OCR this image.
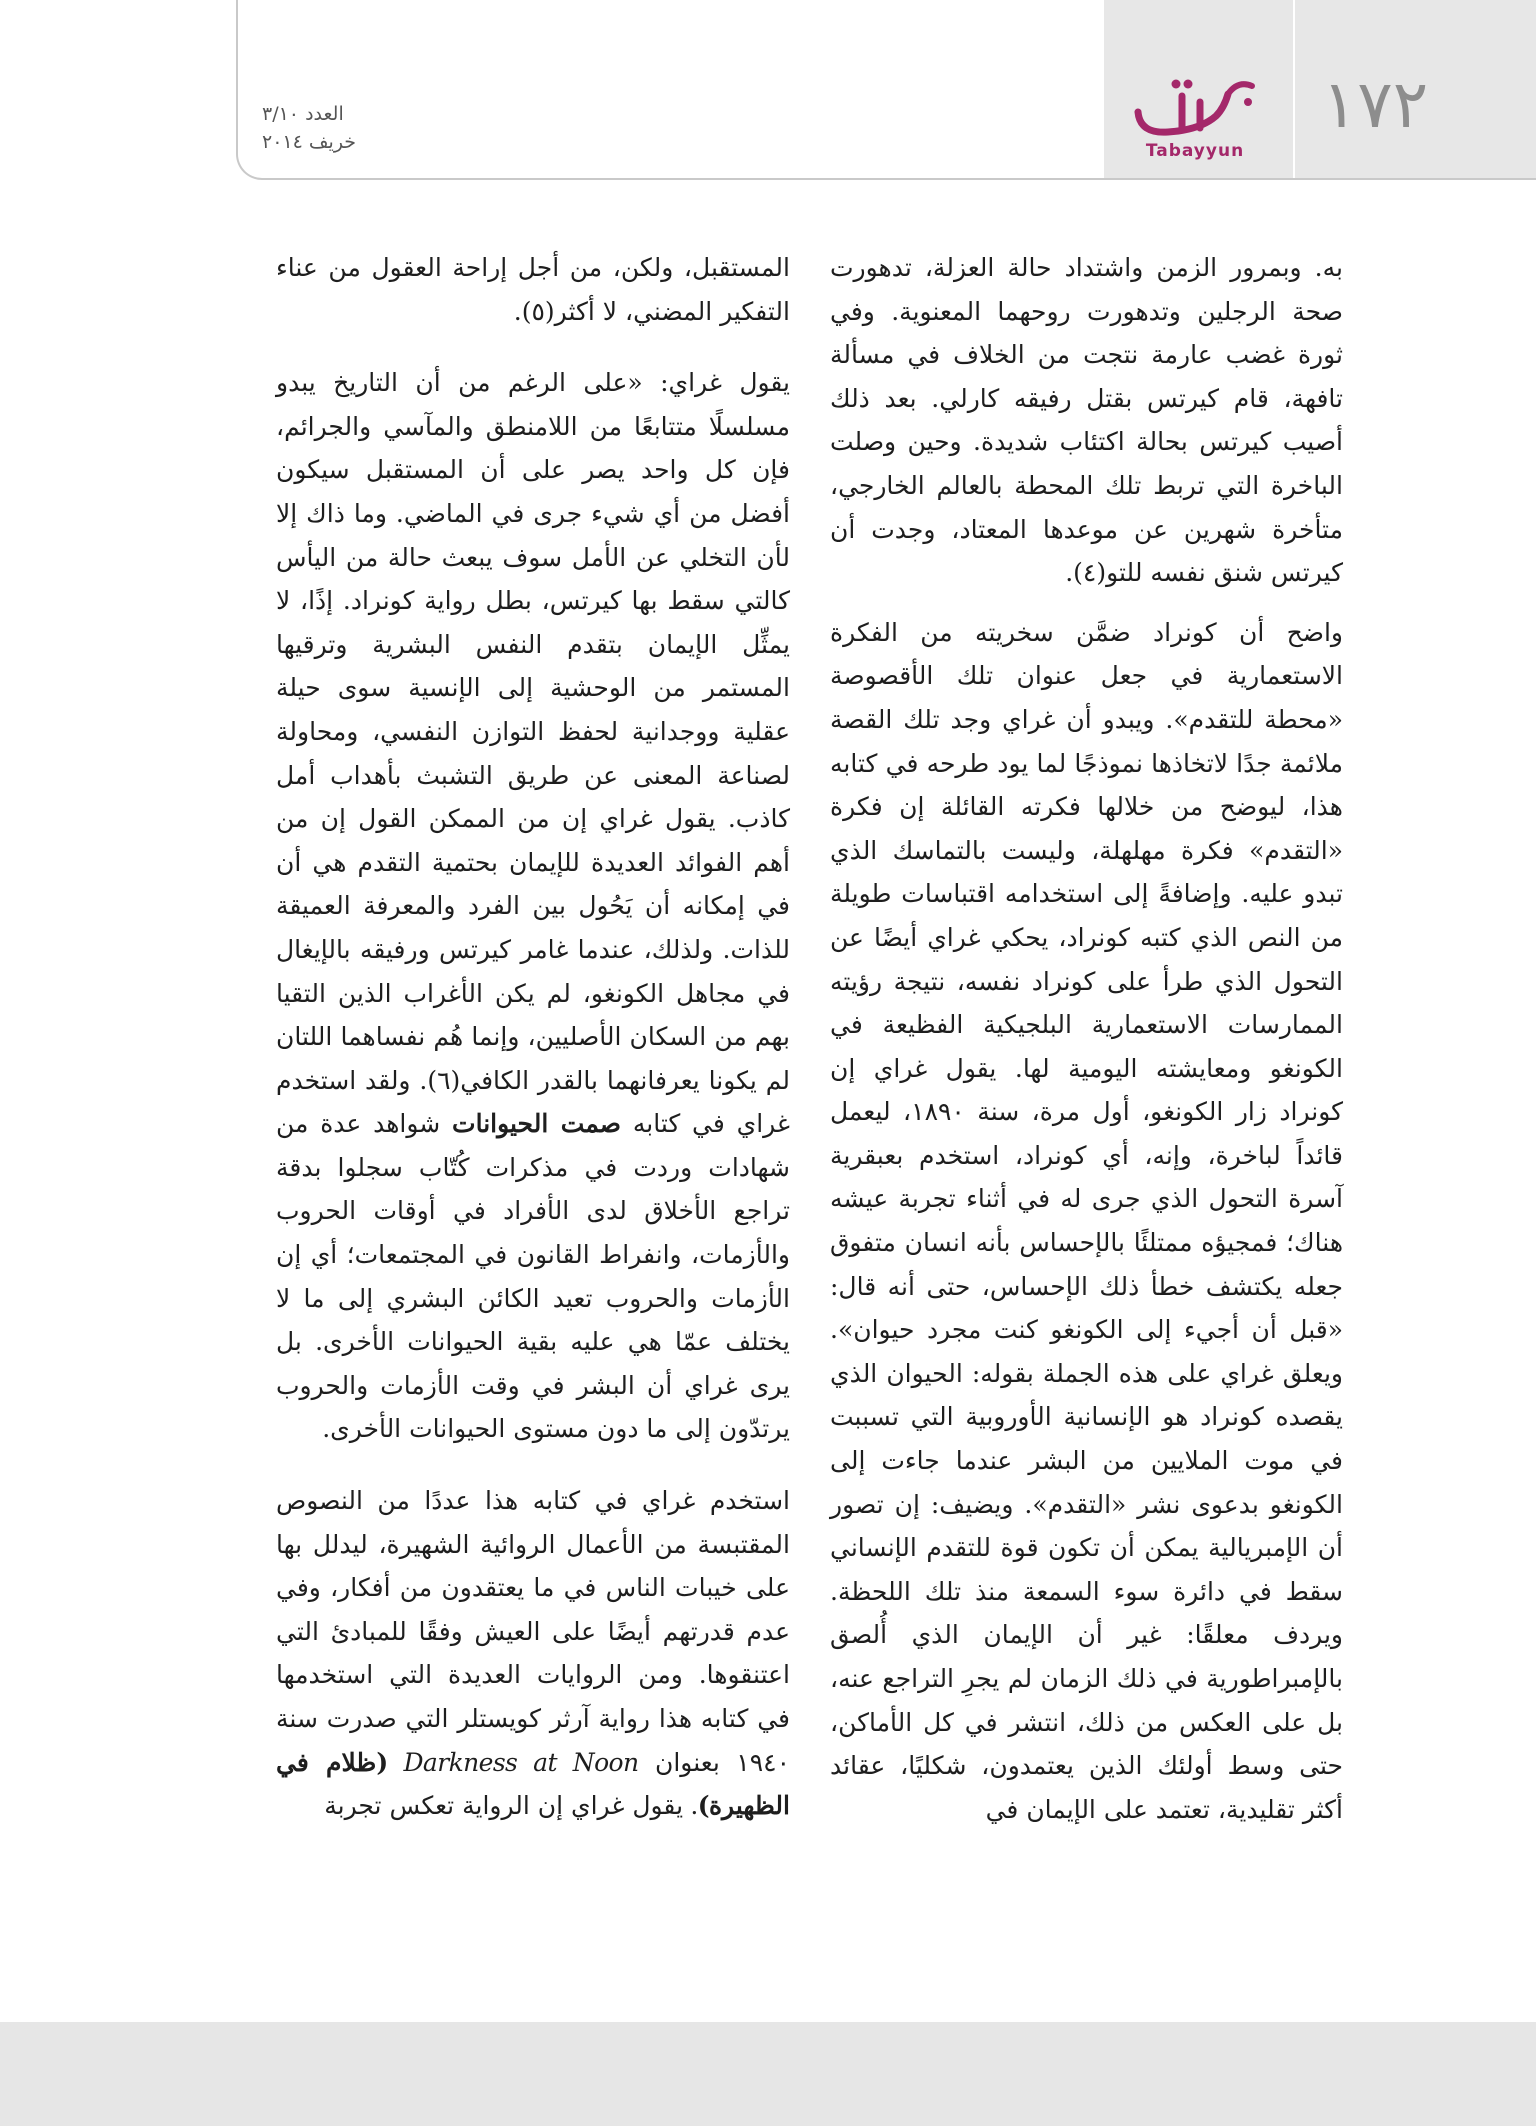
١٧٢
Tabayyun
العدد ٣/١٠
خريف ٢٠١٤

به. وبمرور الزمن واشتداد حالة العزلة، تدهورت صحة الرجلين وتدهورت روحهما المعنوية. وفي ثورة غضب عارمة نتجت من الخلاف في مسألة تافهة، قام كيرتس بقتل رفيقه كارلي. بعد ذلك أصيب كيرتس بحالة اكتئاب شديدة. وحين وصلت الباخرة التي تربط تلك المحطة بالعالم الخارجي، متأخرة شهرين عن موعدها المعتاد، وجدت أن كيرتس شنق نفسه للتو(٤).

واضح أن كونراد ضمَّن سخريته من الفكرة الاستعمارية في جعل عنوان تلك الأقصوصة «محطة للتقدم». ويبدو أن غراي وجد تلك القصة ملائمة جدًا لاتخاذها نموذجًا لما يود طرحه في كتابه هذا، ليوضح من خلالها فكرته القائلة إن فكرة «التقدم» فكرة مهلهلة، وليست بالتماسك الذي تبدو عليه. وإضافةً إلى استخدامه اقتباسات طويلة من النص الذي كتبه كونراد، يحكي غراي أيضًا عن التحول الذي طرأ على كونراد نفسه، نتيجة رؤيته الممارسات الاستعمارية البلجيكية الفظيعة في الكونغو ومعايشته اليومية لها. يقول غراي إن كونراد زار الكونغو، أول مرة، سنة ١٨٩٠، ليعمل قائداً لباخرة، وإنه، أي كونراد، استخدم بعبقرية آسرة التحول الذي جرى له في أثناء تجربة عيشه هناك؛ فمجيؤه ممتلئًا بالإحساس بأنه انسان متفوق جعله يكتشف خطأ ذلك الإحساس، حتى أنه قال: «قبل أن أجيء إلى الكونغو كنت مجرد حيوان». ويعلق غراي على هذه الجملة بقوله: الحيوان الذي يقصده كونراد هو الإنسانية الأوروبية التي تسببت في موت الملايين من البشر عندما جاءت إلى الكونغو بدعوى نشر «التقدم». ويضيف: إن تصور أن الإمبريالية يمكن أن تكون قوة للتقدم الإنساني سقط في دائرة سوء السمعة منذ تلك اللحظة. ويردف معلقًا: غير أن الإيمان الذي أُلصق بالإمبراطورية في ذلك الزمان لم يجرِ التراجع عنه، بل على العكس من ذلك، انتشر في كل الأماكن، حتى وسط أولئك الذين يعتمدون، شكليًا، عقائد أكثر تقليدية، تعتمد على الإيمان في

المستقبل، ولكن، من أجل إراحة العقول من عناء التفكير المضني، لا أكثر(٥).

يقول غراي: «على الرغم من أن التاريخ يبدو مسلسلًا متتابعًا من اللامنطق والمآسي والجرائم، فإن كل واحد يصر على أن المستقبل سيكون أفضل من أي شيء جرى في الماضي. وما ذاك إلا لأن التخلي عن الأمل سوف يبعث حالة من اليأس كالتي سقط بها كيرتس، بطل رواية كونراد. إذًا، لا يمثِّل الإيمان بتقدم النفس البشرية وترقيها المستمر من الوحشية إلى الإنسية سوى حيلة عقلية ووجدانية لحفظ التوازن النفسي، ومحاولة لصناعة المعنى عن طريق التشبث بأهداب أمل كاذب. يقول غراي إن من الممكن القول إن من أهم الفوائد العديدة للإيمان بحتمية التقدم هي أن في إمكانه أن يَحُول بين الفرد والمعرفة العميقة للذات. ولذلك، عندما غامر كيرتس ورفيقه بالإيغال في مجاهل الكونغو، لم يكن الأغراب الذين التقيا بهم من السكان الأصليين، وإنما هُم نفساهما اللتان لم يكونا يعرفانهما بالقدر الكافي(٦). ولقد استخدم غراي في كتابه صمت الحيوانات شواهد عدة من شهادات وردت في مذكرات كُتّاب سجلوا بدقة تراجع الأخلاق لدى الأفراد في أوقات الحروب والأزمات، وانفراط القانون في المجتمعات؛ أي إن الأزمات والحروب تعيد الكائن البشري إلى ما لا يختلف عمّا هي عليه بقية الحيوانات الأخرى. بل يرى غراي أن البشر في وقت الأزمات والحروب يرتدّون إلى ما دون مستوى الحيوانات الأخرى.

استخدم غراي في كتابه هذا عددًا من النصوص المقتبسة من الأعمال الروائية الشهيرة، ليدلل بها على خيبات الناس في ما يعتقدون من أفكار، وفي عدم قدرتهم أيضًا على العيش وفقًا للمبادئ التي اعتنقوها. ومن الروايات العديدة التي استخدمها في كتابه هذا رواية آرثر كويستلر التي صدرت سنة ١٩٤٠ بعنوان Darkness at Noon (ظلام في الظهيرة). يقول غراي إن الرواية تعكس تجربة
